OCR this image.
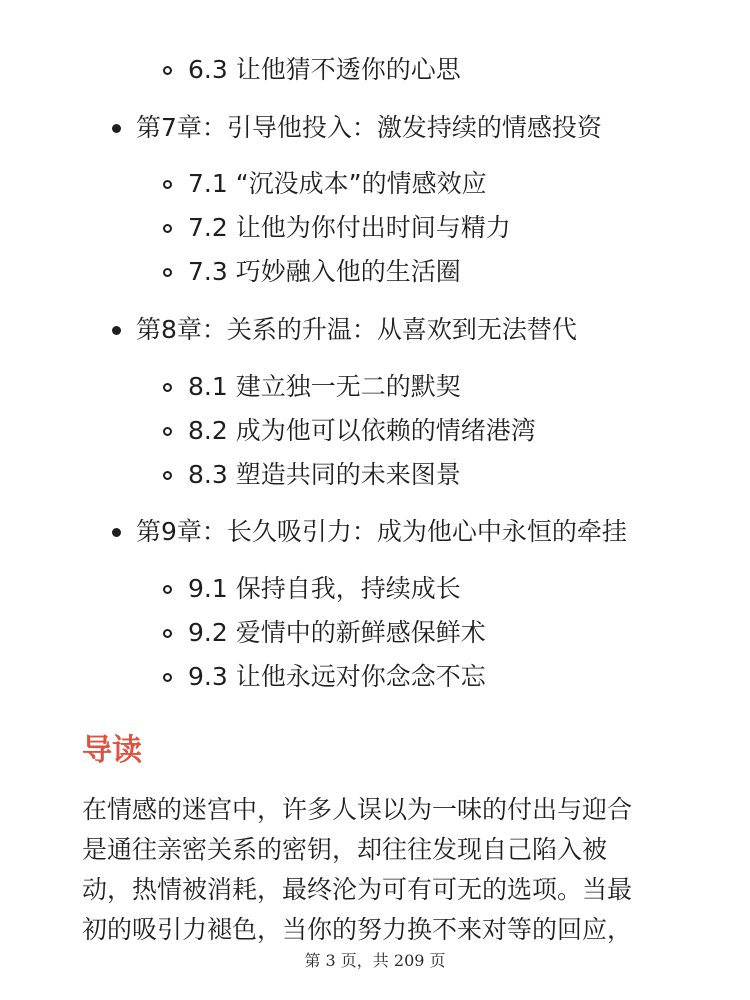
6.3 让他猜不透你的心思
第7章：引导他投入：激发持续的情感投资
7.1 “沉没成本”的情感效应
7.2 让他为你付出时间与精力
7.3 巧妙融入他的生活圈
第8章：关系的升温：从喜欢到无法替代
8.1 建立独一无二的默契
8.2 成为他可以依赖的情绪港湾
8.3 塑造共同的未来图景
第9章：长久吸引力：成为他心中永恒的牵挂
9.1 保持自我，持续成长
9.2 爱情中的新鲜感保鲜术
9.3 让他永远对你念念不忘
导读
在情感的迷宫中，许多人误以为一味的付出与迎合
是通往亲密关系的密钥，却往往发现自己陷入被
动，热情被消耗，最终沦为可有可无的选项。当最
初的吸引力褪色，当你的努力换不来对等的回应，
第 3 页，共 209 页
